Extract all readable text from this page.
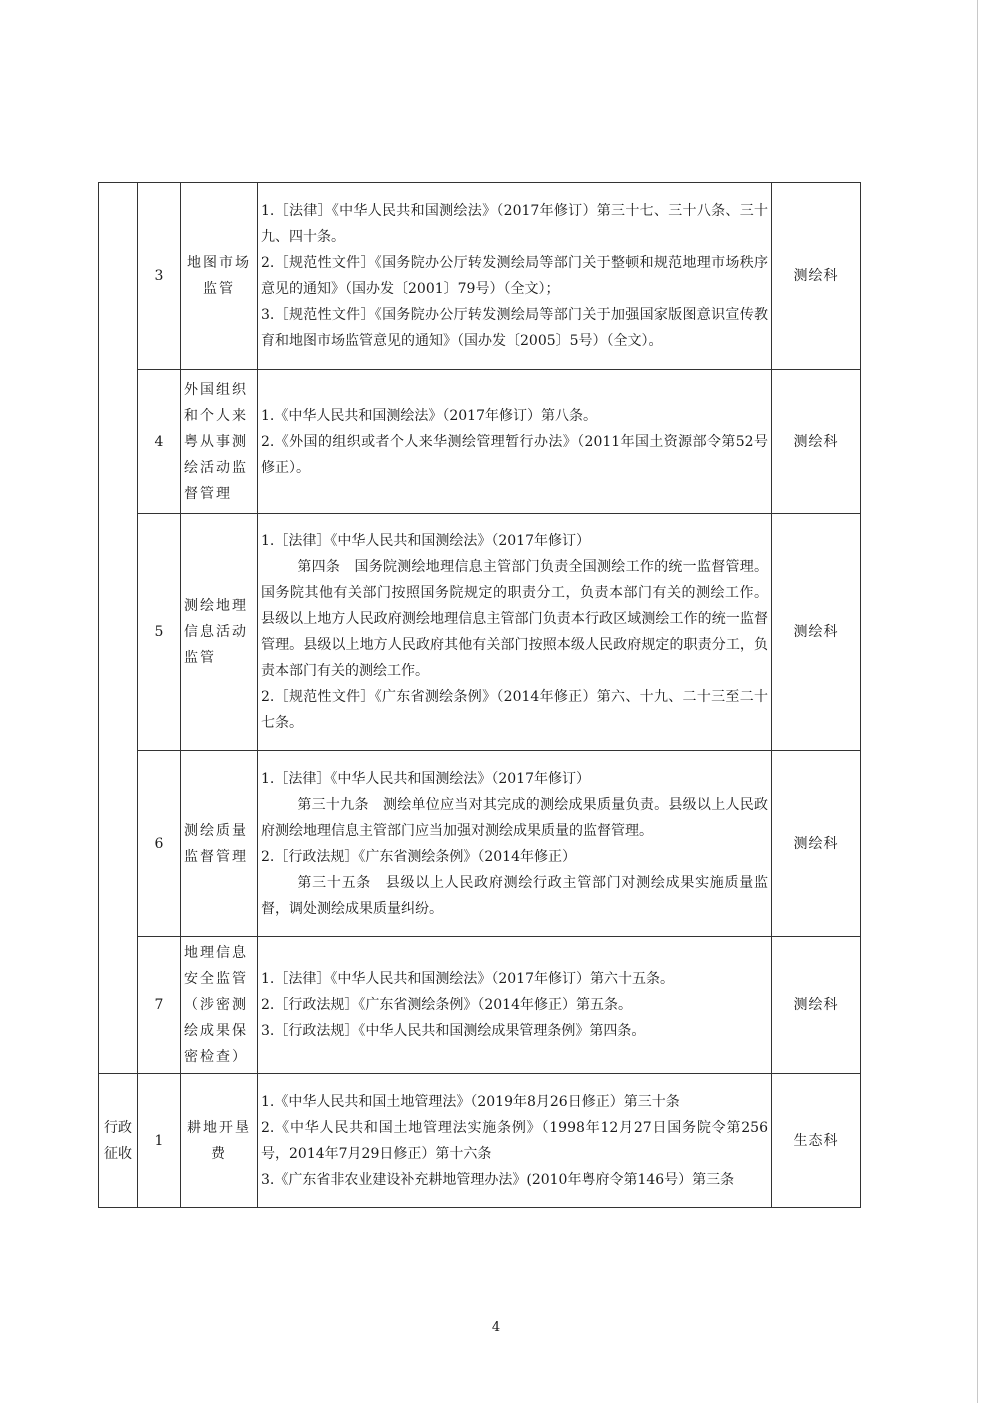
	3	地图市场监管	1.［法律］《中华人民共和国测绘法》（2017年修订）第三十七、三十八条、三十九、四十条。
2.［规范性文件］《国务院办公厅转发测绘局等部门关于整顿和规范地理市场秩序意见的通知》（国办发〔2001〕79号）（全文）；
3.［规范性文件］《国务院办公厅转发测绘局等部门关于加强国家版图意识宣传教育和地图市场监管意见的通知》（国办发〔2005〕5号）（全文）。	测绘科
	4	外国组织和个人来粤从事测绘活动监督管理	1.《中华人民共和国测绘法》（2017年修订）第八条。
2.《外国的组织或者个人来华测绘管理暂行办法》（2011年国土资源部令第52号修正）。	测绘科
	5	测绘地理信息活动监管	1.［法律］《中华人民共和国测绘法》（2017年修订）
第四条　国务院测绘地理信息主管部门负责全国测绘工作的统一监督管理。国务院其他有关部门按照国务院规定的职责分工，负责本部门有关的测绘工作。 县级以上地方人民政府测绘地理信息主管部门负责本行政区域测绘工作的统一监督管理。县级以上地方人民政府其他有关部门按照本级人民政府规定的职责分工，负责本部门有关的测绘工作。
2.［规范性文件］《广东省测绘条例》（2014年修正）第六、十九、二十三至二十七条。	测绘科
	6	测绘质量监督管理	1.［法律］《中华人民共和国测绘法》（2017年修订）
第三十九条　测绘单位应当对其完成的测绘成果质量负责。县级以上人民政府测绘地理信息主管部门应当加强对测绘成果质量的监督管理。
2.［行政法规］《广东省测绘条例》（2014年修正）
第三十五条　县级以上人民政府测绘行政主管部门对测绘成果实施质量监督，调处测绘成果质量纠纷。	测绘科
	7	地理信息安全监管（涉密测绘成果保密检查）	1.［法律］《中华人民共和国测绘法》（2017年修订）第六十五条。
2.［行政法规］《广东省测绘条例》（2014年修正）第五条。
3.［行政法规］《中华人民共和国测绘成果管理条例》第四条。	测绘科
行政征收	1	耕地开垦费	1.《中华人民共和国土地管理法》（2019年8月26日修正）第三十条
2.《中华人民共和国土地管理法实施条例》（1998年12月27日国务院令第256号，2014年7月29日修正）第十六条
3.《广东省非农业建设补充耕地管理办法》(2010年粤府令第146号）第三条	生态科
4
